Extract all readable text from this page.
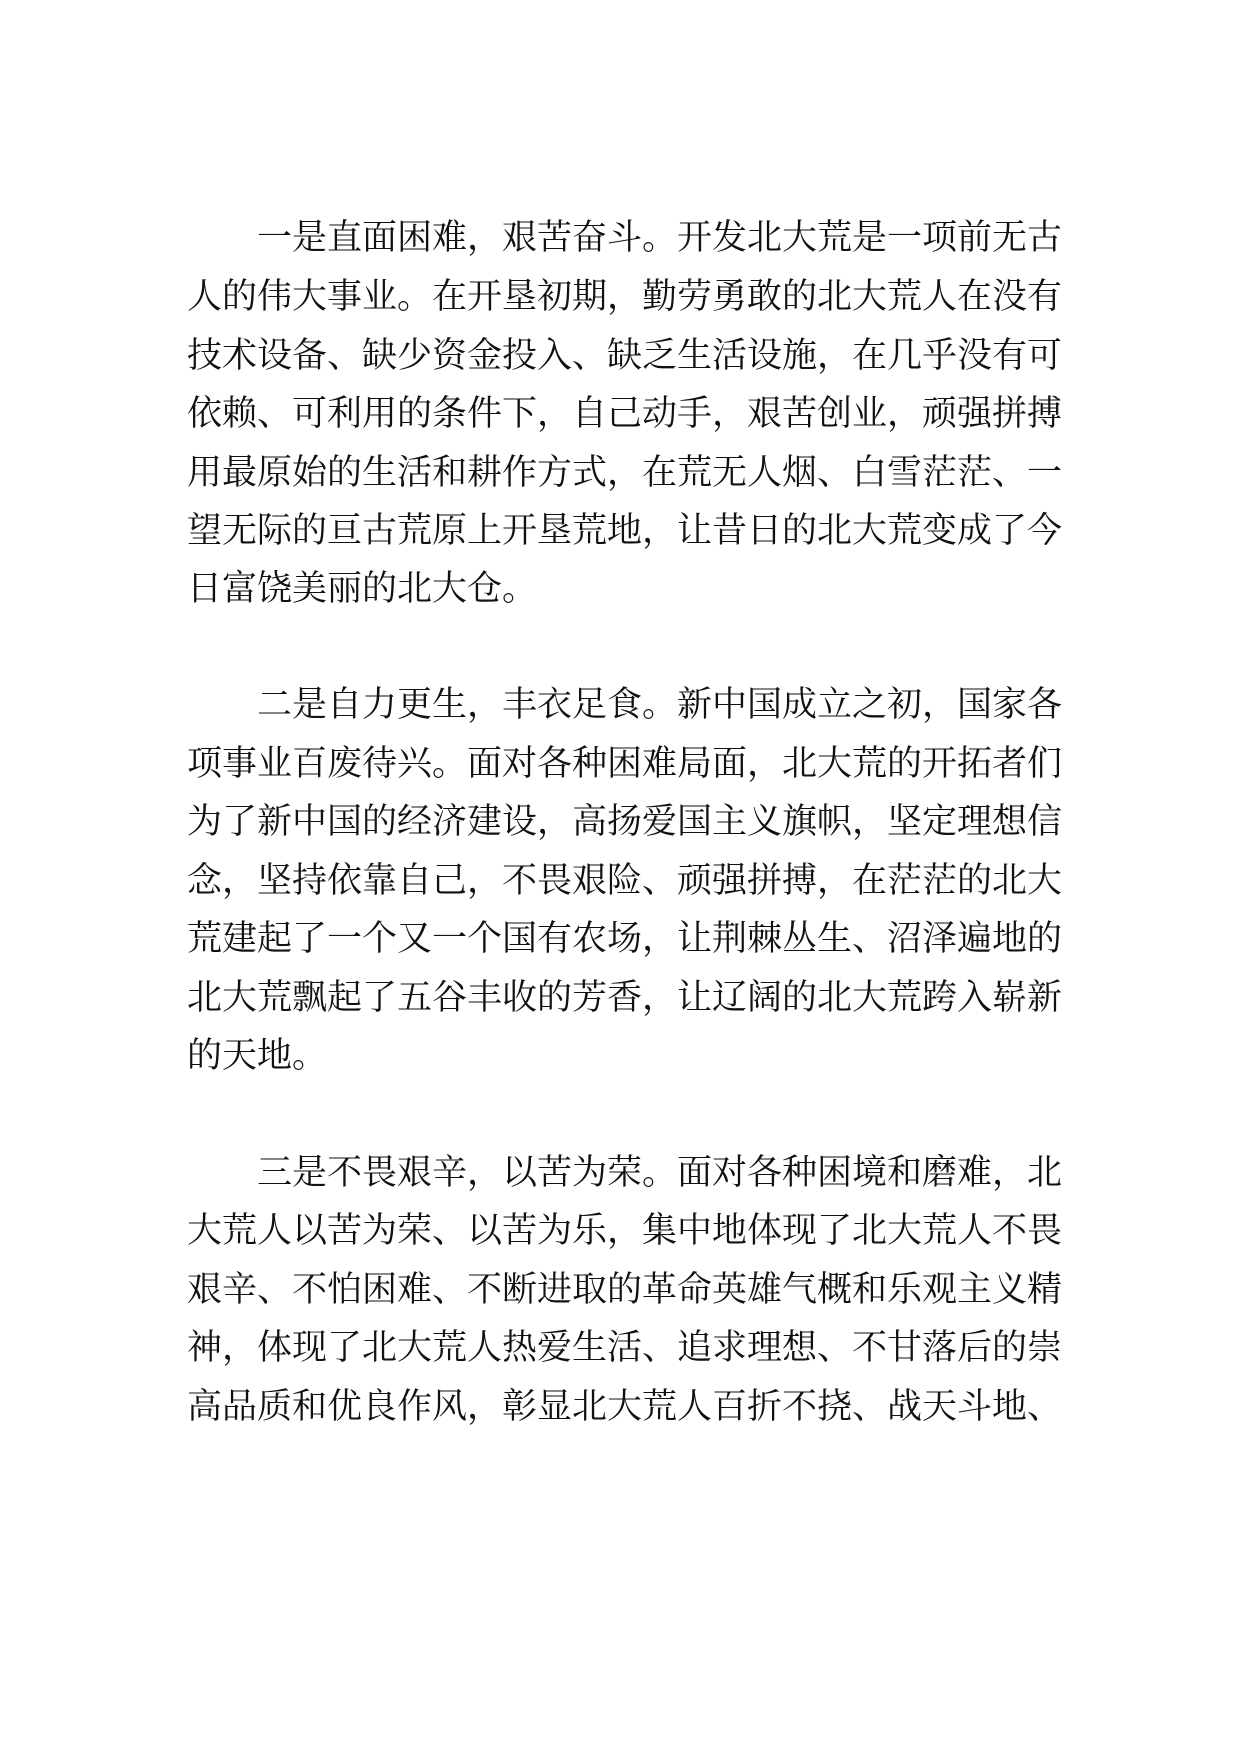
一是直面困难，艰苦奋斗。开发北大荒是一项前无古
人的伟大事业。在开垦初期，勤劳勇敢的北大荒人在没有
技术设备、缺少资金投入、缺乏生活设施，在几乎没有可
依赖、可利用的条件下，自己动手，艰苦创业，顽强拼搏
用最原始的生活和耕作方式，在荒无人烟、白雪茫茫、一
望无际的亘古荒原上开垦荒地，让昔日的北大荒变成了今
日富饶美丽的北大仓。
二是自力更生，丰衣足食。新中国成立之初，国家各
项事业百废待兴。面对各种困难局面，北大荒的开拓者们
为了新中国的经济建设，高扬爱国主义旗帜，坚定理想信
念，坚持依靠自己，不畏艰险、顽强拼搏，在茫茫的北大
荒建起了一个又一个国有农场，让荆棘丛生、沼泽遍地的
北大荒飘起了五谷丰收的芳香，让辽阔的北大荒跨入崭新
的天地。
三是不畏艰辛，以苦为荣。面对各种困境和磨难，北
大荒人以苦为荣、以苦为乐，集中地体现了北大荒人不畏
艰辛、不怕困难、不断进取的革命英雄气概和乐观主义精
神，体现了北大荒人热爱生活、追求理想、不甘落后的崇
高品质和优良作风，彰显北大荒人百折不挠、战天斗地、
